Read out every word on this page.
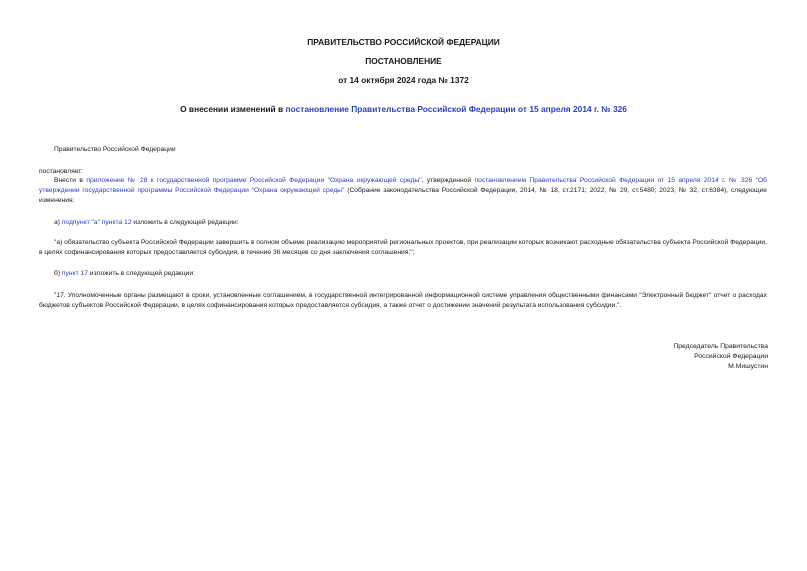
ПРАВИТЕЛЬСТВО РОССИЙСКОЙ ФЕДЕРАЦИИ
ПОСТАНОВЛЕНИЕ
от 14 октября 2024 года № 1372
О внесении изменений в постановление Правительства Российской Федерации от 15 апреля 2014 г. № 326
Правительство Российской Федерации
постановляет:
Внести в приложение № 28 к государственной программе Российской Федерации "Охрана окружающей среды", утвержденной постановлением Правительства Российской Федерации от 15 апреля 2014 г. № 326 "Об утверждении государственной программы Российской Федерации "Охрана окружающей среды" (Собрание законодательства Российской Федерации, 2014, № 18, ст.2171; 2022, № 29, ст.5480; 2023, № 32, ст.6384), следующие изменения:
а) подпункт "а" пункта 12 изложить в следующей редакции:
"а) обязательство субъекта Российской Федерации завершить в полном объеме реализацию мероприятий региональных проектов, при реализации которых возникают расходные обязательства субъекта Российской Федерации, в целях софинансирования которых предоставляется субсидия, в течение 36 месяцев со дня заключения соглашения;";
б) пункт 17 изложить в следующей редакции:
"17. Уполномоченные органы размещают в сроки, установленные соглашением, в государственной интегрированной информационной системе управления общественными финансами "Электронный бюджет" отчет о расходах бюджетов субъектов Российской Федерации, в целях софинансирования которых предоставляется субсидия, а также отчет о достижении значений результата использования субсидии.".
Председатель Правительства
Российской Федерации
М.Мишустин
